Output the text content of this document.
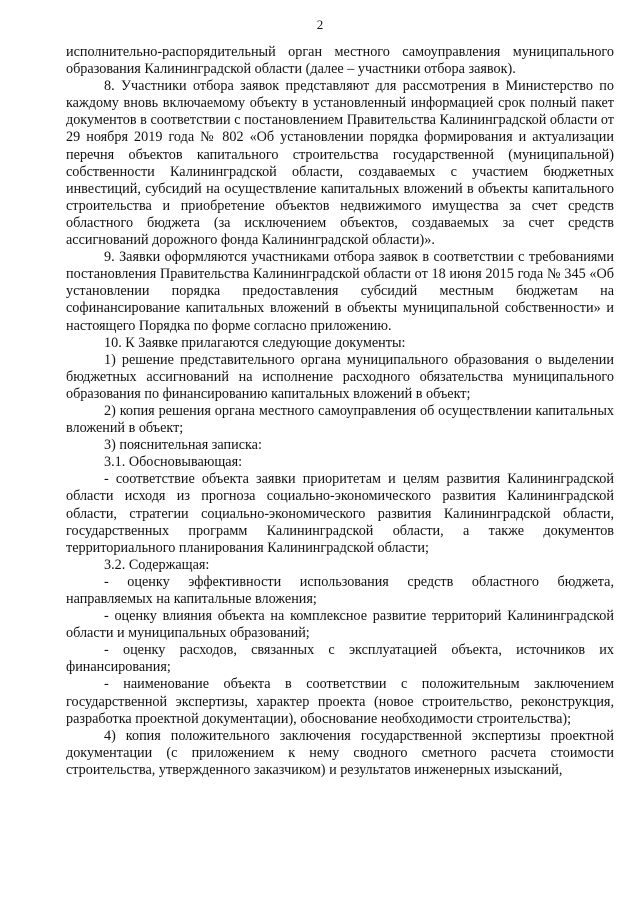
2

исполнительно-распорядительный орган местного самоуправления муниципального образования Калининградской области (далее – участники отбора заявок).

8. Участники отбора заявок представляют для рассмотрения в Министерство по каждому вновь включаемому объекту в установленный информацией срок полный пакет документов в соответствии с постановлением Правительства Калининградской области от 29 ноября 2019 года № 802 «Об установлении порядка формирования и актуализации перечня объектов капитального строительства государственной (муниципальной) собственности Калининградской области, создаваемых с участием бюджетных инвестиций, субсидий на осуществление капитальных вложений в объекты капитального строительства и приобретение объектов недвижимого имущества за счет средств областного бюджета (за исключением объектов, создаваемых за счет средств ассигнований дорожного фонда Калининградской области)».

9. Заявки оформляются участниками отбора заявок в соответствии с требованиями постановления Правительства Калининградской области от 18 июня 2015 года № 345 «Об установлении порядка предоставления субсидий местным бюджетам на софинансирование капитальных вложений в объекты муниципальной собственности» и настоящего Порядка по форме согласно приложению.

10. К Заявке прилагаются следующие документы:

1) решение представительного органа муниципального образования о выделении бюджетных ассигнований на исполнение расходного обязательства муниципального образования по финансированию капитальных вложений в объект;

2) копия решения органа местного самоуправления об осуществлении капитальных вложений в объект;

3) пояснительная записка:

3.1. Обосновывающая:

- соответствие объекта заявки приоритетам и целям развития Калининградской области исходя из прогноза социально-экономического развития Калининградской области, стратегии социально-экономического развития Калининградской области, государственных программ Калининградской области, а также документов территориального планирования Калининградской области;

3.2. Содержащая:

- оценку эффективности использования средств областного бюджета, направляемых на капитальные вложения;

- оценку влияния объекта на комплексное развитие территорий Калининградской области и муниципальных образований;

- оценку расходов, связанных с эксплуатацией объекта, источников их финансирования;

- наименование объекта в соответствии с положительным заключением государственной экспертизы, характер проекта (новое строительство, реконструкция, разработка проектной документации), обоснование необходимости строительства);

4) копия положительного заключения государственной экспертизы проектной документации (с приложением к нему сводного сметного расчета стоимости строительства, утвержденного заказчиком) и результатов инженерных изысканий,
